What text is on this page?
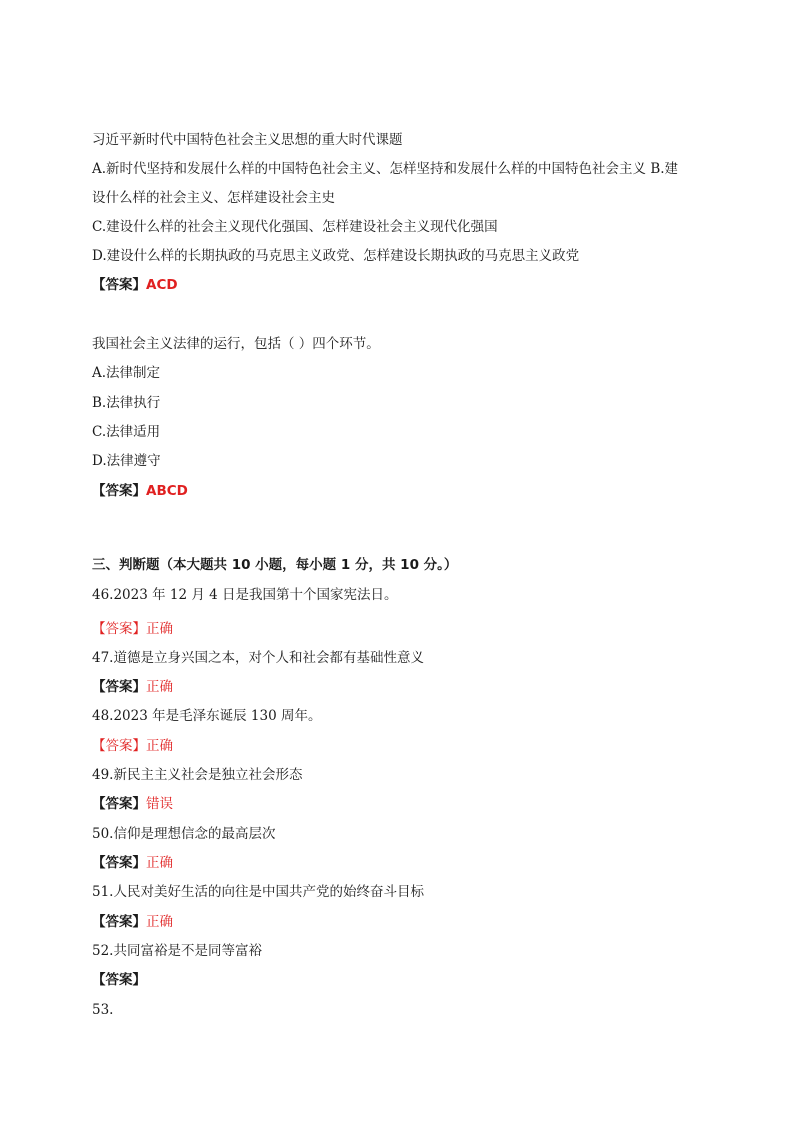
习近平新时代中国特色社会主义思想的重大时代课题
A.新时代坚持和发展什么样的中国特色社会主义、怎样坚持和发展什么样的中国特色社会主义 B.建
设什么样的社会主义、怎样建设社会主史
C.建设什么样的社会主义现代化强国、怎样建设社会主义现代化强国
D.建设什么样的长期执政的马克思主义政党、怎样建设长期执政的马克思主义政党
【答案】ACD
我国社会主义法律的运行，包括（ ）四个环节。
A.法律制定
B.法律执行
C.法律适用
D.法律遵守
【答案】ABCD
三、判断题（本大题共 10 小题，每小题 1 分，共 10 分。）
46.2023 年 12 月 4 日是我国第十个国家宪法日。
【答案】正确
47.道德是立身兴国之本，对个人和社会都有基础性意义
【答案】正确
48.2023 年是毛泽东诞辰 130 周年。
【答案】正确
49.新民主主义社会是独立社会形态
【答案】错误
50.信仰是理想信念的最高层次
【答案】正确
51.人民对美好生活的向往是中国共产党的始终奋斗目标
【答案】正确
52.共同富裕是不是同等富裕
【答案】
53.
